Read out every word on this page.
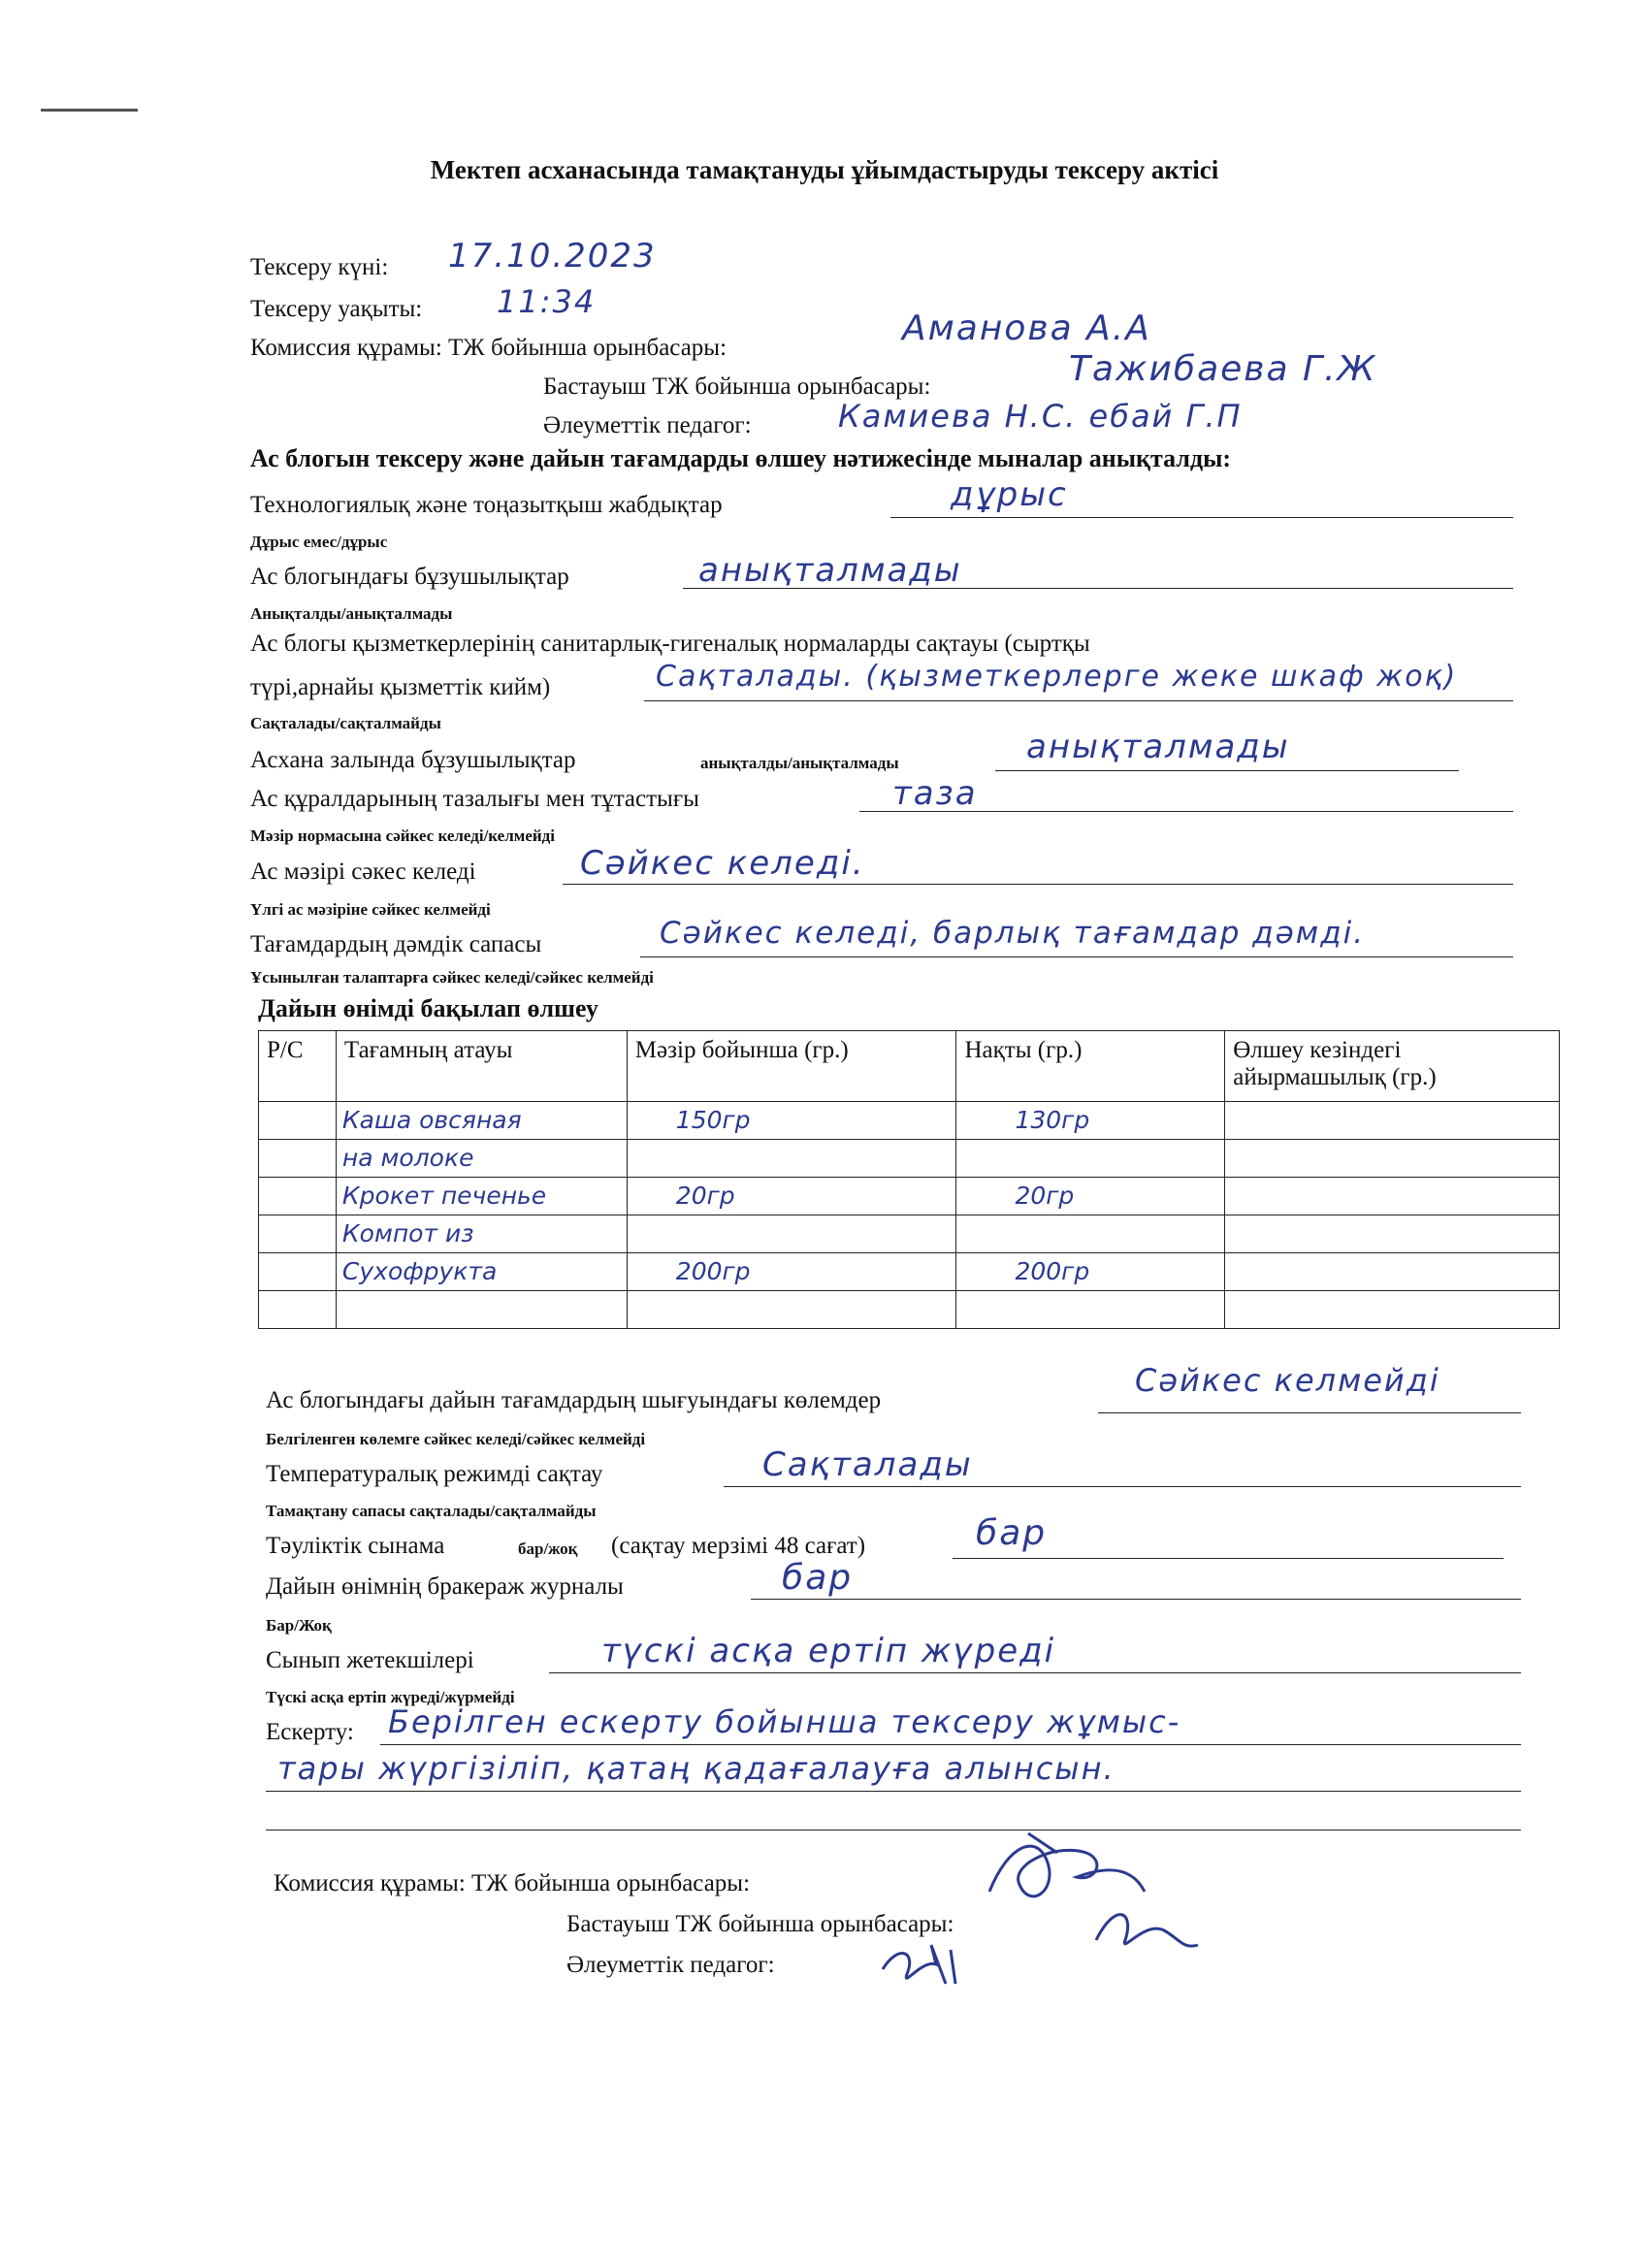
Мектеп асханасында тамақтануды ұйымдастыруды тексеру актісі
Тексеру күні: 17.10.2023
Тексеру уақыты: 11:34
Комиссия құрамы: ТЖ бойынша орынбасары:	Аманова А.А
Бастауыш ТЖ бойынша орынбасары:	Тажибаева Г.Ж
Әлеуметтік педагог:	Камиева Н.С. ебай Г.П
Ас блогын тексеру және дайын тағамдарды өлшеу нәтижесінде мыналар анықталды:
Технологиялық және тоңазытқыш жабдықтар	дұрыс
Дұрыс емес/дұрыс
Ас блогындағы бұзушылықтар	анықталмады
Анықталды/анықталмады
Ас блогы қызметкерлерінің санитарлық-гигеналық нормаларды сақтауы (сыртқы
түрі,арнайы қызметтік кийм)	Сақталады. (қызметкерлерге жеке шкаф жоқ)
Сақталады/сақталмайды
Асхана залында бұзушылықтар	анықталды/анықталмады	анықталмады
Ас құралдарының тазалығы мен тұтастығы	таза
Мәзір нормасына сәйкес келеді/келмейді
Ас мәзірі сәкес келеді	Сәйкес келеді.
Үлгі ас мәзіріне сәйкес келмейді
Тағамдардың дәмдік сапасы	Сәйкес келеді, барлық тағамдар дәмді.
Ұсынылған талаптарға сәйкес келеді/сәйкес келмейді
Дайын өнімді бақылап өлшеу
Р/С	Тағамның атауы	Мәзір бойынша (гр.)	Нақты (гр.)	Өлшеу кезіндегі айырмашылық (гр.)
	Каша овсяная	150гр	130гр	
	на молоке			
	Крокет печенье	20гр	20гр	
	Компот из			
	Сухофрукта	200гр	200гр	

Ас блогындағы дайын тағамдардың шығуындағы көлемдер
Сәйкес келмейді
Белгіленген көлемге сәйкес келеді/сәйкес келмейді
Температуралық режимді сақтау	Сақталады
Тамақтану сапасы сақталады/сақталмайды
Тәуліктік сынама	бар/жоқ (сақтау мерзімі 48 сағат)	бар
Дайын өнімнің бракераж журналы	бар
Бар/Жоқ
Сынып жетекшілері	түскі асқа ертіп жүреді
Түскі асқа ертіп жүреді/жүрмейді
Ескерту: Берілген ескерту бойынша тексеру жұмыс-
тары жүргізіліп, қатаң қадағалауға алынсын.
Комиссия құрамы: ТЖ бойынша орынбасары:
Бастауыш ТЖ бойынша орынбасары:
Әлеуметтік педагог:
